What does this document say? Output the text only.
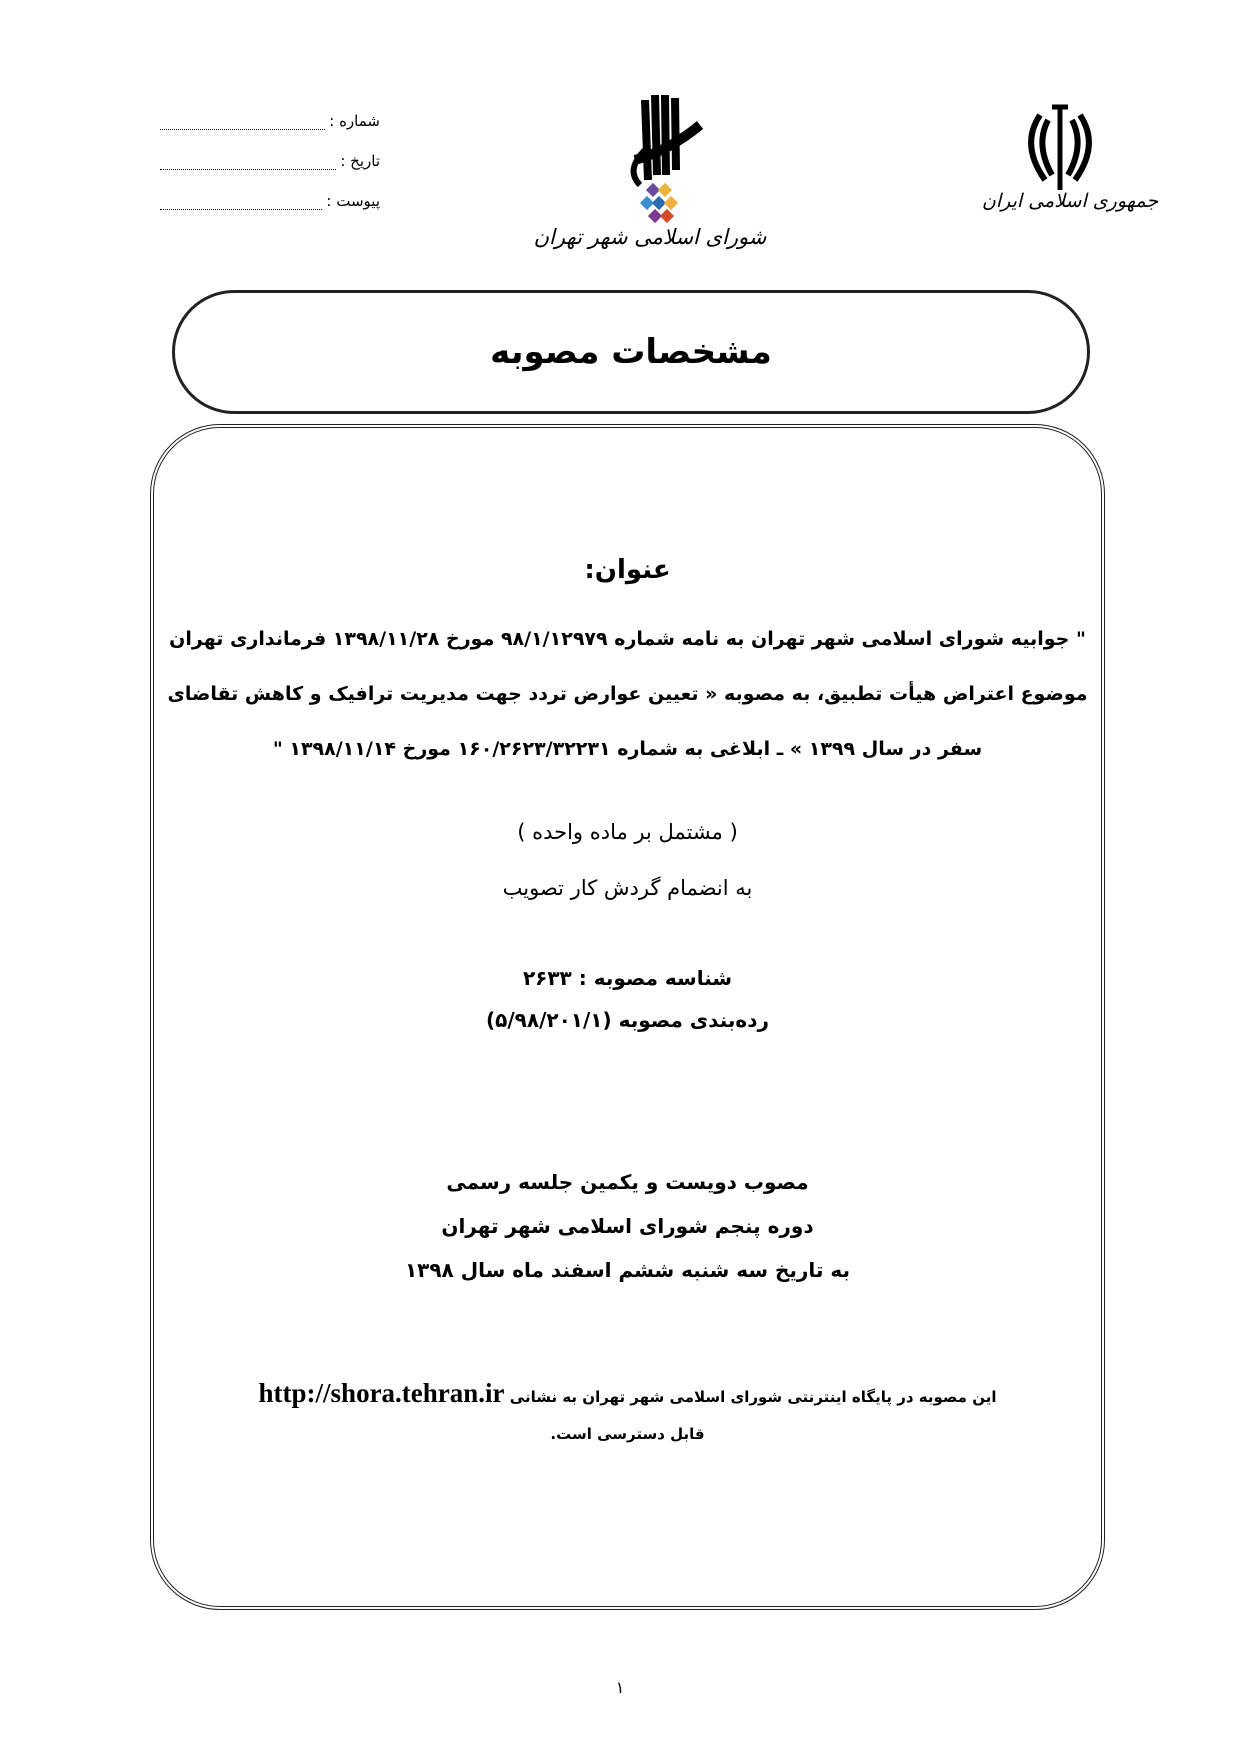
شماره :
تاریخ :
پیوست :
شورای اسلامی شهر تهران
جمهوری اسلامی ایران
مشخصات مصوبه
عنوان:
" جوابیه شورای اسلامی شهر تهران به نامه شماره ۹۸/۱/۱۲۹۷۹ مورخ ۱۳۹۸/۱۱/۲۸ فرمانداری تهران
موضوع اعتراض هیأت تطبیق، به مصوبه « تعیین عوارض تردد جهت مدیریت ترافیک و کاهش تقاضای
سفر در سال ۱۳۹۹ » ـ ابلاغی به شماره ۱۶۰/۲۶۲۳/۳۲۲۳۱ مورخ ۱۳۹۸/۱۱/۱۴ "
( مشتمل بر ماده واحده )
به انضمام گردش کار تصویب
شناسه مصوبه : ۲۶۳۳
رده‌بندی مصوبه (۵/۹۸/۲۰۱/۱)
مصوب دویست و یکمین جلسه رسمی
دوره پنجم شورای اسلامی شهر تهران
به تاریخ سه شنبه ششم اسفند ماه سال ۱۳۹۸
این مصوبه در پایگاه اینترنتی شورای اسلامی شهر تهران به نشانی http://shora.tehran.ir
قابل دسترسی است.
۱
